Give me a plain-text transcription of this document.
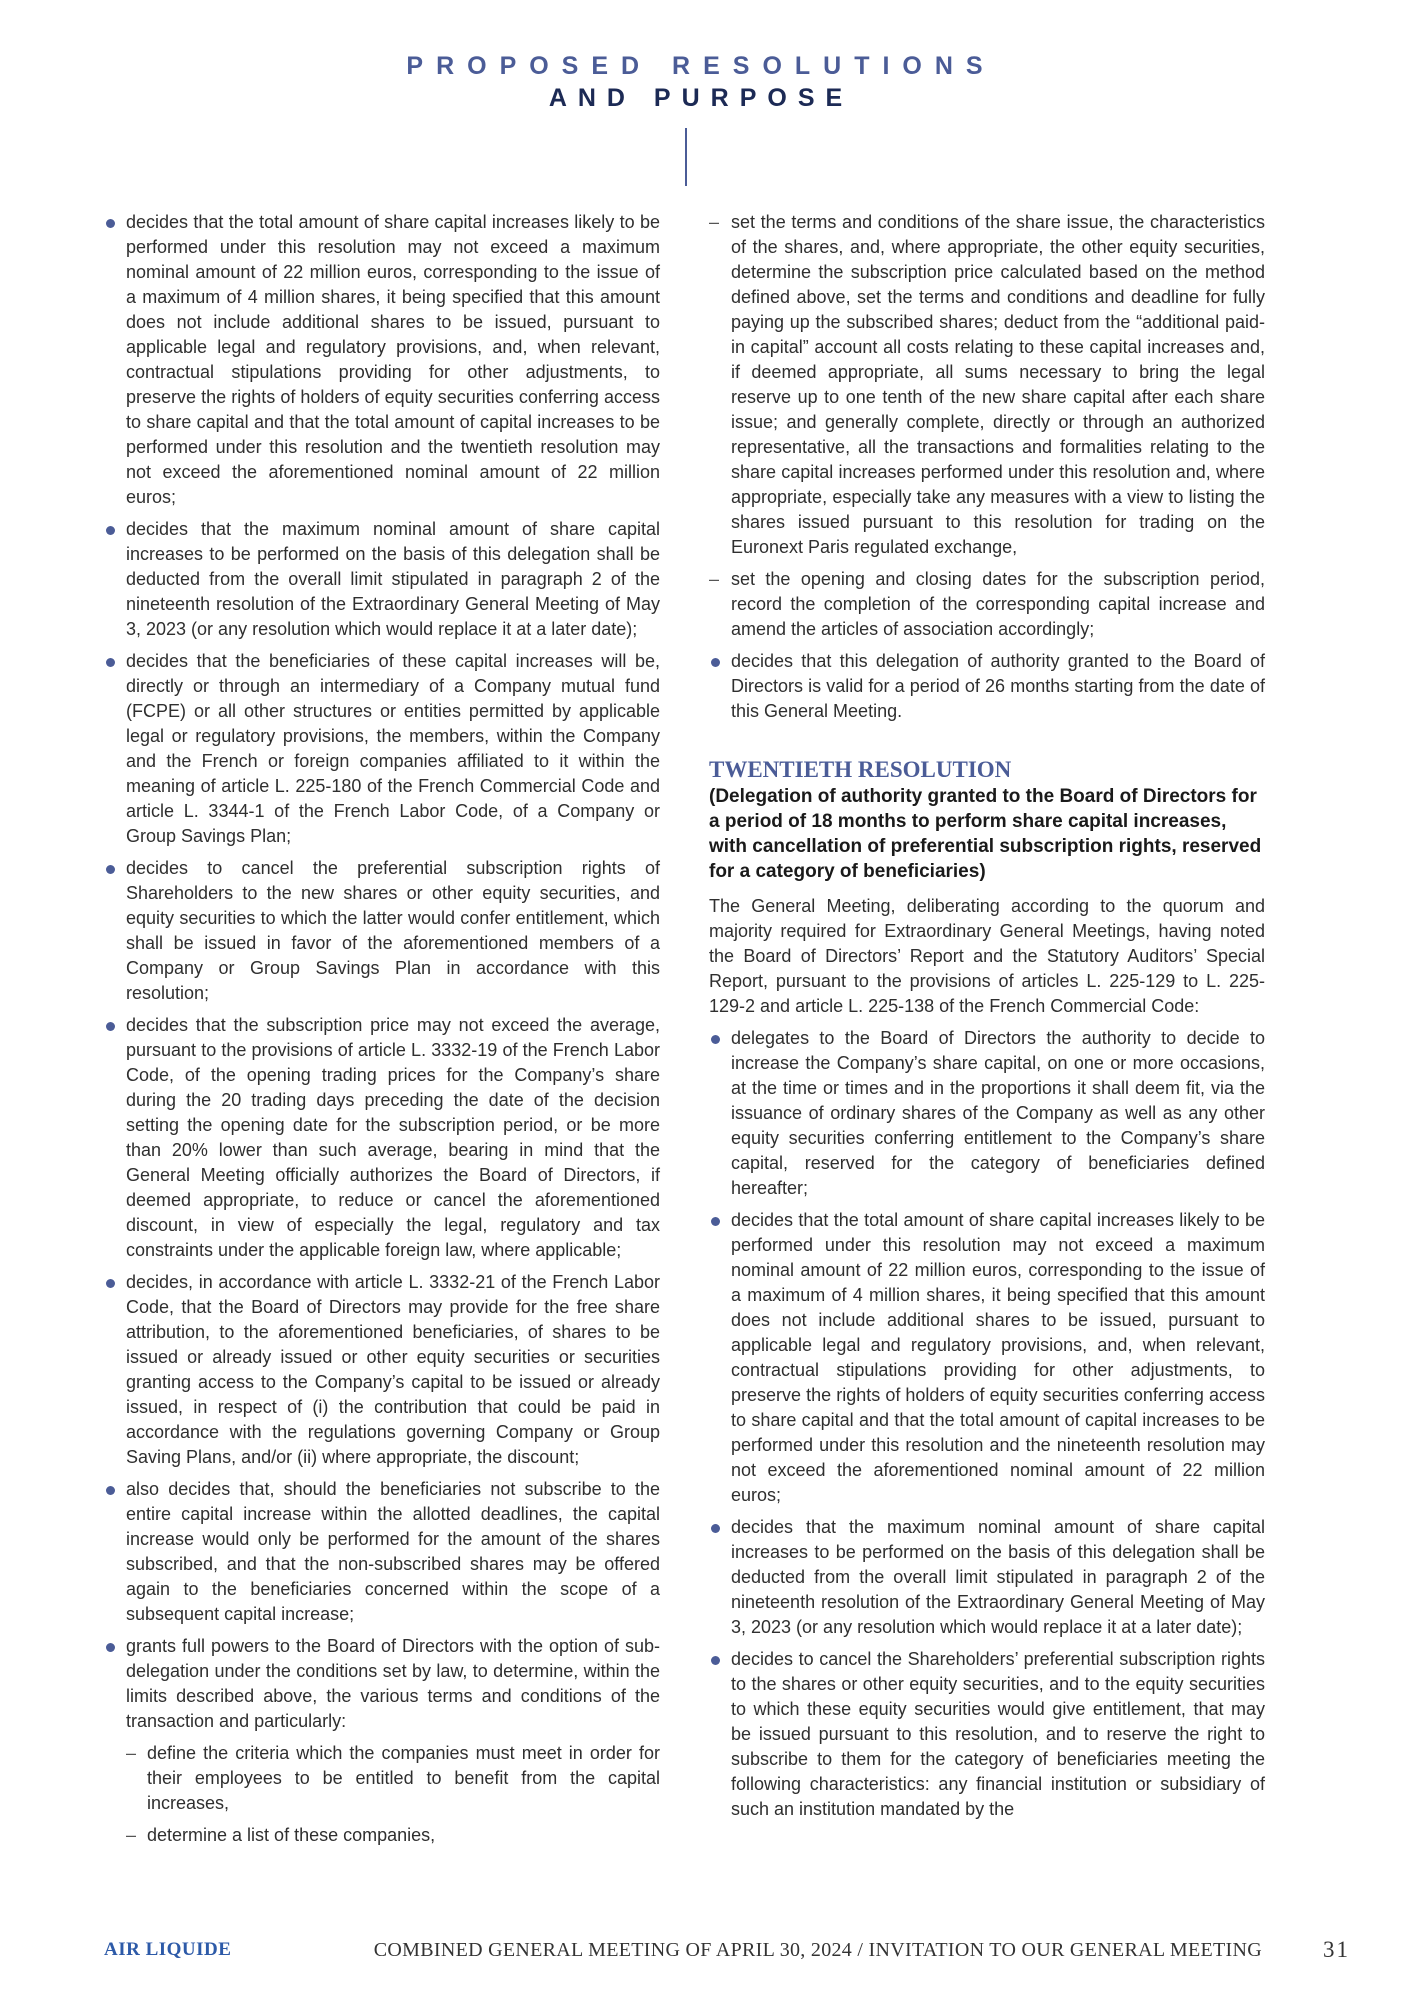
PROPOSED RESOLUTIONS
AND PURPOSE
decides that the total amount of share capital increases likely to be performed under this resolution may not exceed a maximum nominal amount of 22 million euros, corresponding to the issue of a maximum of 4 million shares, it being specified that this amount does not include additional shares to be issued, pursuant to applicable legal and regulatory provisions, and, when relevant, contractual stipulations providing for other adjustments, to preserve the rights of holders of equity securities conferring access to share capital and that the total amount of capital increases to be performed under this resolution and the twentieth resolution may not exceed the aforementioned nominal amount of 22 million euros;
decides that the maximum nominal amount of share capital increases to be performed on the basis of this delegation shall be deducted from the overall limit stipulated in paragraph 2 of the nineteenth resolution of the Extraordinary General Meeting of May 3, 2023 (or any resolution which would replace it at a later date);
decides that the beneficiaries of these capital increases will be, directly or through an intermediary of a Company mutual fund (FCPE) or all other structures or entities permitted by applicable legal or regulatory provisions, the members, within the Company and the French or foreign companies affiliated to it within the meaning of article L. 225-180 of the French Commercial Code and article L. 3344-1 of the French Labor Code, of a Company or Group Savings Plan;
decides to cancel the preferential subscription rights of Shareholders to the new shares or other equity securities, and equity securities to which the latter would confer entitlement, which shall be issued in favor of the aforementioned members of a Company or Group Savings Plan in accordance with this resolution;
decides that the subscription price may not exceed the average, pursuant to the provisions of article L. 3332-19 of the French Labor Code, of the opening trading prices for the Company’s share during the 20 trading days preceding the date of the decision setting the opening date for the subscription period, or be more than 20% lower than such average, bearing in mind that the General Meeting officially authorizes the Board of Directors, if deemed appropriate, to reduce or cancel the aforementioned discount, in view of especially the legal, regulatory and tax constraints under the applicable foreign law, where applicable;
decides, in accordance with article L. 3332-21 of the French Labor Code, that the Board of Directors may provide for the free share attribution, to the aforementioned beneficiaries, of shares to be issued or already issued or other equity securities or securities granting access to the Company’s capital to be issued or already issued, in respect of (i) the contribution that could be paid in accordance with the regulations governing Company or Group Saving Plans, and/or (ii) where appropriate, the discount;
also decides that, should the beneficiaries not subscribe to the entire capital increase within the allotted deadlines, the capital increase would only be performed for the amount of the shares subscribed, and that the non-subscribed shares may be offered again to the beneficiaries concerned within the scope of a subsequent capital increase;
grants full powers to the Board of Directors with the option of sub-delegation under the conditions set by law, to determine, within the limits described above, the various terms and conditions of the transaction and particularly:
– define the criteria which the companies must meet in order for their employees to be entitled to benefit from the capital increases,
– determine a list of these companies,
– set the terms and conditions of the share issue, the characteristics of the shares, and, where appropriate, the other equity securities, determine the subscription price calculated based on the method defined above, set the terms and conditions and deadline for fully paying up the subscribed shares; deduct from the “additional paid-in capital” account all costs relating to these capital increases and, if deemed appropriate, all sums necessary to bring the legal reserve up to one tenth of the new share capital after each share issue; and generally complete, directly or through an authorized representative, all the transactions and formalities relating to the share capital increases performed under this resolution and, where appropriate, especially take any measures with a view to listing the shares issued pursuant to this resolution for trading on the Euronext Paris regulated exchange,
– set the opening and closing dates for the subscription period, record the completion of the corresponding capital increase and amend the articles of association accordingly;
decides that this delegation of authority granted to the Board of Directors is valid for a period of 26 months starting from the date of this General Meeting.
TWENTIETH RESOLUTION
(Delegation of authority granted to the Board of Directors for a period of 18 months to perform share capital increases, with cancellation of preferential subscription rights, reserved for a category of beneficiaries)

The General Meeting, deliberating according to the quorum and majority required for Extraordinary General Meetings, having noted the Board of Directors’ Report and the Statutory Auditors’ Special Report, pursuant to the provisions of articles L. 225-129 to L. 225-129-2 and article L. 225-138 of the French Commercial Code:

delegates to the Board of Directors the authority to decide to increase the Company’s share capital, on one or more occasions, at the time or times and in the proportions it shall deem fit, via the issuance of ordinary shares of the Company as well as any other equity securities conferring entitlement to the Company’s share capital, reserved for the category of beneficiaries defined hereafter;
decides that the total amount of share capital increases likely to be performed under this resolution may not exceed a maximum nominal amount of 22 million euros, corresponding to the issue of a maximum of 4 million shares, it being specified that this amount does not include additional shares to be issued, pursuant to applicable legal and regulatory provisions, and, when relevant, contractual stipulations providing for other adjustments, to preserve the rights of holders of equity securities conferring access to share capital and that the total amount of capital increases to be performed under this resolution and the nineteenth resolution may not exceed the aforementioned nominal amount of 22 million euros;
decides that the maximum nominal amount of share capital increases to be performed on the basis of this delegation shall be deducted from the overall limit stipulated in paragraph 2 of the nineteenth resolution of the Extraordinary General Meeting of May 3, 2023 (or any resolution which would replace it at a later date);
decides to cancel the Shareholders’ preferential subscription rights to the shares or other equity securities, and to the equity securities to which these equity securities would give entitlement, that may be issued pursuant to this resolution, and to reserve the right to subscribe to them for the category of beneficiaries meeting the following characteristics: any financial institution or subsidiary of such an institution mandated by the
AIR LIQUIDE	COMBINED GENERAL MEETING OF APRIL 30, 2024 / INVITATION TO OUR GENERAL MEETING	31
